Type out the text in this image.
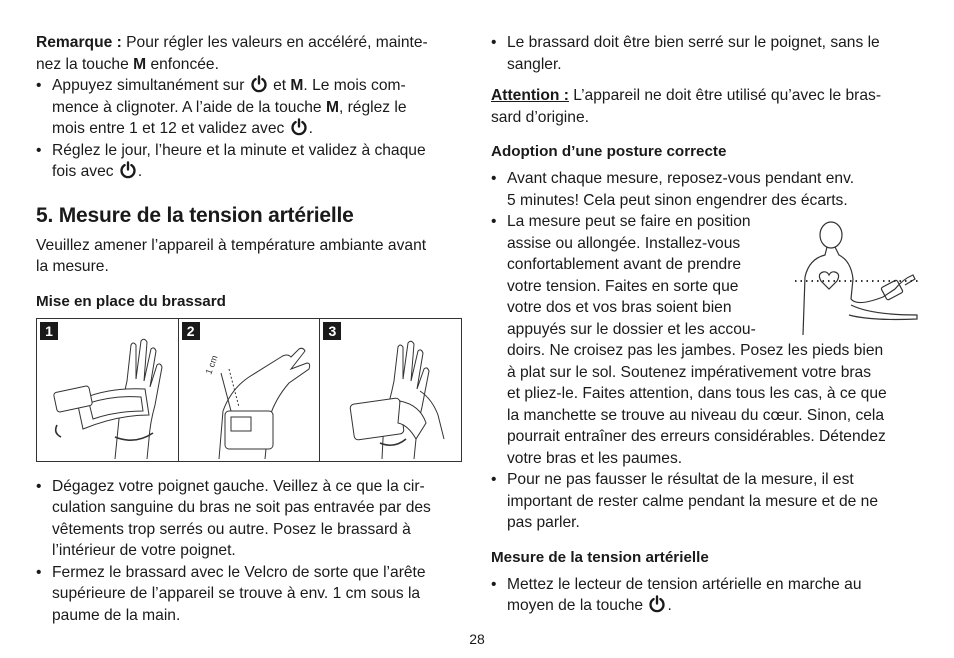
Remarque : Pour régler les valeurs en accéléré, mainte-
nez la touche M enfoncée.

• Appuyez simultanément sur  et M. Le mois com-
mence à clignoter. A l’aide de la touche M, réglez le
mois entre 1 et 12 et validez avec .
• Réglez le jour, l’heure et la minute et validez à chaque
fois avec .
5. Mesure de la tension artérielle

Veuillez amener l’appareil à température ambiante avant
la mesure.

Mise en place du brassard
1	2
1 cm
3
• Dégagez votre poignet gauche. Veillez à ce que la cir-
culation sanguine du bras ne soit pas entravée par des
vêtements trop serrés ou autre. Posez le brassard à
l’intérieur de votre poignet.
• Fermez le brassard avec le Velcro de sorte que l’arête
supérieure de l’appareil se trouve à env. 1 cm sous la
paume de la main.
• Le brassard doit être bien serré sur le poignet, sans le
sangler.

Attention : L’appareil ne doit être utilisé qu’avec le bras-
sard d’origine.

Adoption d’une posture correcte
• Avant chaque mesure, reposez-vous pendant env.
5 minutes! Cela peut sinon engendrer des écarts.
• La mesure peut se faire en position
assise ou allongée. Installez-vous
confortablement avant de prendre
votre tension. Faites en sorte que
votre dos et vos bras soient bien
appuyés sur le dossier et les accou-
doirs. Ne croisez pas les jambes. Posez les pieds bien
à plat sur le sol. Soutenez impérativement votre bras
et pliez-le. Faites attention, dans tous les cas, à ce que
la manchette se trouve au niveau du cœur. Sinon, cela
pourrait entraîner des erreurs considérables. Détendez
votre bras et les paumes.
• Pour ne pas fausser le résultat de la mesure, il est
important de rester calme pendant la mesure et de ne
pas parler.
Mesure de la tension artérielle
• Mettez le lecteur de tension artérielle en marche au
moyen de la touche .
28
